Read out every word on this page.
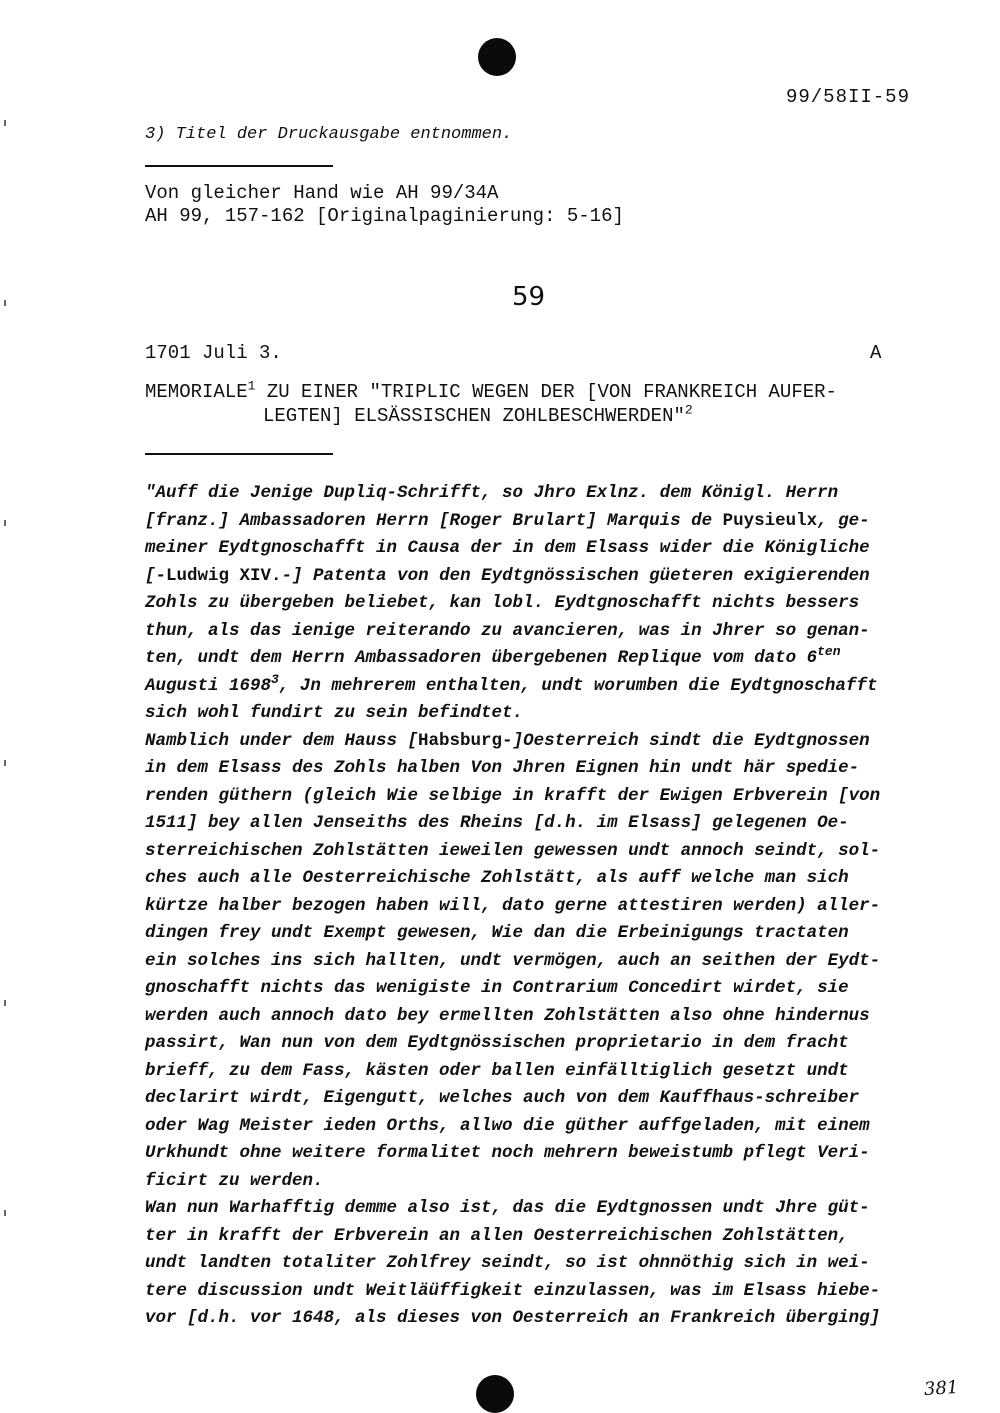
99/58II-59
3) Titel der Druckausgabe entnommen.
Von gleicher Hand wie AH 99/34A
AH 99, 157-162 [Originalpaginierung: 5-16]
59
1701 Juli 3.	A
MEMORIALE$^1$ ZU EINER "TRIPLIC WEGEN DER [VON FRANKREICH AUFER-
LEGTEN] ELSÄSSISCHEN ZOHLBESCHWERDEN"$^2$
"Auff die Jenige Dupliq-Schrifft, so Jhro Exlnz. dem Königl. Herrn
[franz.] Ambassadoren Herrn [Roger Brulart] Marquis de Puysieulx, ge-
meiner Eydtgnoschafft in Causa der in dem Elsass wider die Königliche
[-Ludwig XIV.-] Patenta von den Eydtgnössischen güeteren exigierenden
Zohls zu übergeben beliebet, kan lobl. Eydtgnoschafft nichts bessers
thun, als das ienige reiterando zu avancieren, was in Jhrer so genan-
ten, undt dem Herrn Ambassadoren übergebenen Replique vom dato $6^{ten}$
Augusti 1698$^3$, Jn mehrerem enthalten, undt worumben die Eydtgnoschafft
sich wohl fundirt zu sein befindtet.
Namblich under dem Hauss [Habsburg-]Oesterreich sindt die Eydtgnossen
in dem Elsass des Zohls halben Von Jhren Eignen hin undt här spedie-
renden güthern (gleich Wie selbige in krafft der Ewigen Erbverein [von
1511] bey allen Jenseiths des Rheins [d.h. im Elsass] gelegenen Oe-
sterreichischen Zohlstätten ieweilen gewessen undt annoch seindt, sol-
ches auch alle Oesterreichische Zohlstätt, als auff welche man sich
kürtze halber bezogen haben will, dato gerne attestiren werden) aller-
dingen frey undt Exempt gewesen, Wie dan die Erbeinigungs tractaten
ein solches ins sich hallten, undt vermögen, auch an seithen der Eydt-
gnoschafft nichts das wenigiste in Contrarium Concedirt wirdet, sie
werden auch annoch dato bey ermellten Zohlstätten also ohne hindernus
passirt, Wan nun von dem Eydtgnössischen proprietario in dem fracht
brieff, zu dem Fass, kästen oder ballen einfälltiglich gesetzt undt
declarirt wirdt, Eigengutt, welches auch von dem Kauffhaus-schreiber
oder Wag Meister ieden Orths, allwo die güther auffgeladen, mit einem
Urkhundt ohne weitere formalitet noch mehrern beweistumb pflegt Veri-
ficirt zu werden.
Wan nun Warhafftig demme also ist, das die Eydtgnossen undt Jhre güt-
ter in krafft der Erbverein an allen Oesterreichischen Zohlstätten,
undt landten totaliter Zohlfrey seindt, so ist ohnnöthig sich in wei-
tere discussion undt Weitläüffigkeit einzulassen, was im Elsass hiebe-
vor [d.h. vor 1648, als dieses von Oesterreich an Frankreich überging]
381
